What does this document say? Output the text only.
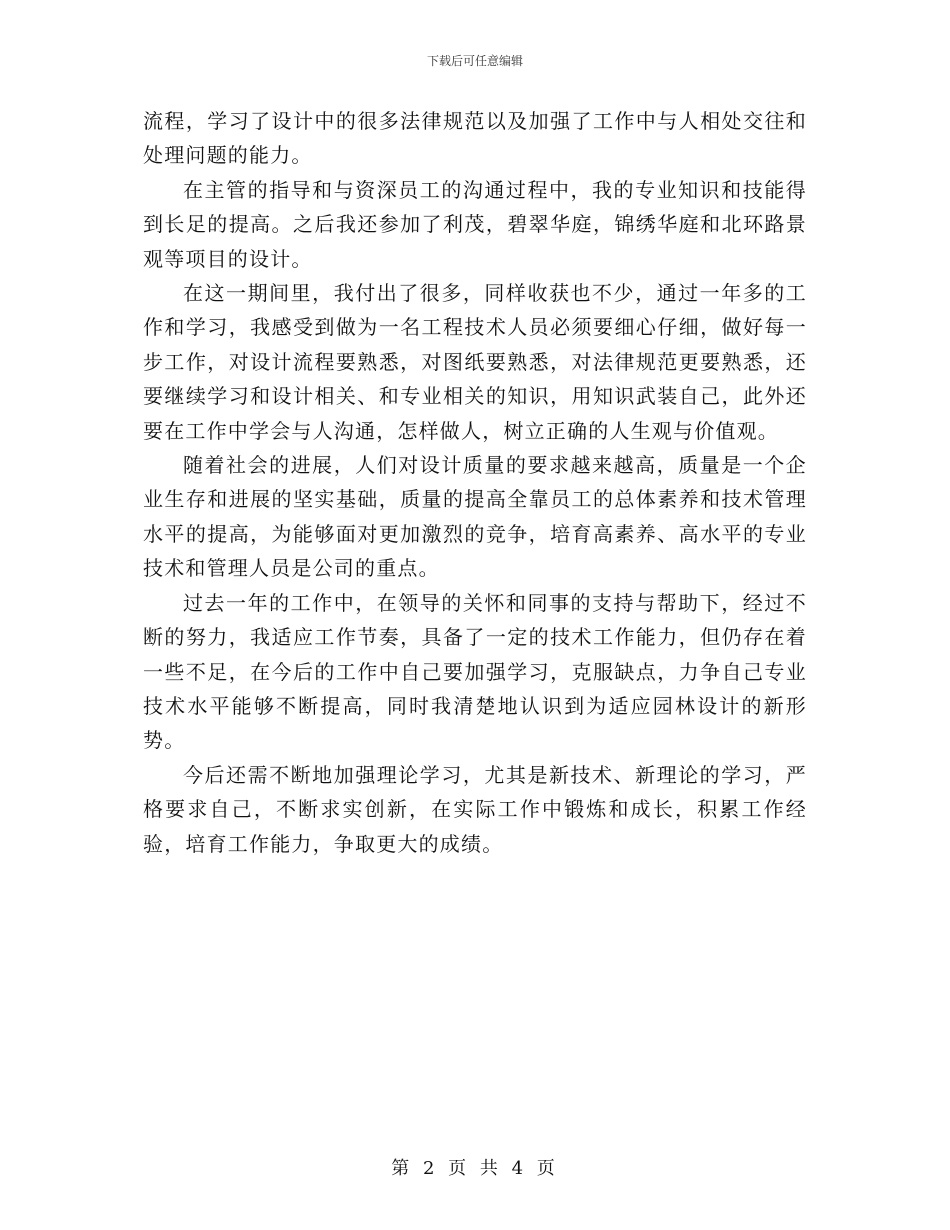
下载后可任意编辑

流程，学习了设计中的很多法律规范以及加强了工作中与人相处交往和处理问题的能力。

在主管的指导和与资深员工的沟通过程中，我的专业知识和技能得到长足的提高。之后我还参加了利茂，碧翠华庭，锦绣华庭和北环路景观等项目的设计。

在这一期间里，我付出了很多，同样收获也不少，通过一年多的工作和学习，我感受到做为一名工程技术人员必须要细心仔细，做好每一步工作，对设计流程要熟悉，对图纸要熟悉，对法律规范更要熟悉，还要继续学习和设计相关、和专业相关的知识，用知识武装自己，此外还要在工作中学会与人沟通，怎样做人，树立正确的人生观与价值观。

随着社会的进展，人们对设计质量的要求越来越高，质量是一个企业生存和进展的坚实基础，质量的提高全靠员工的总体素养和技术管理水平的提高，为能够面对更加激烈的竞争，培育高素养、高水平的专业技术和管理人员是公司的重点。

过去一年的工作中，在领导的关怀和同事的支持与帮助下，经过不断的努力，我适应工作节奏，具备了一定的技术工作能力，但仍存在着一些不足，在今后的工作中自己要加强学习，克服缺点，力争自己专业技术水平能够不断提高，同时我清楚地认识到为适应园林设计的新形势。

今后还需不断地加强理论学习，尤其是新技术、新理论的学习，严格要求自己，不断求实创新，在实际工作中锻炼和成长，积累工作经验，培育工作能力，争取更大的成绩。

第 2 页 共 4 页
